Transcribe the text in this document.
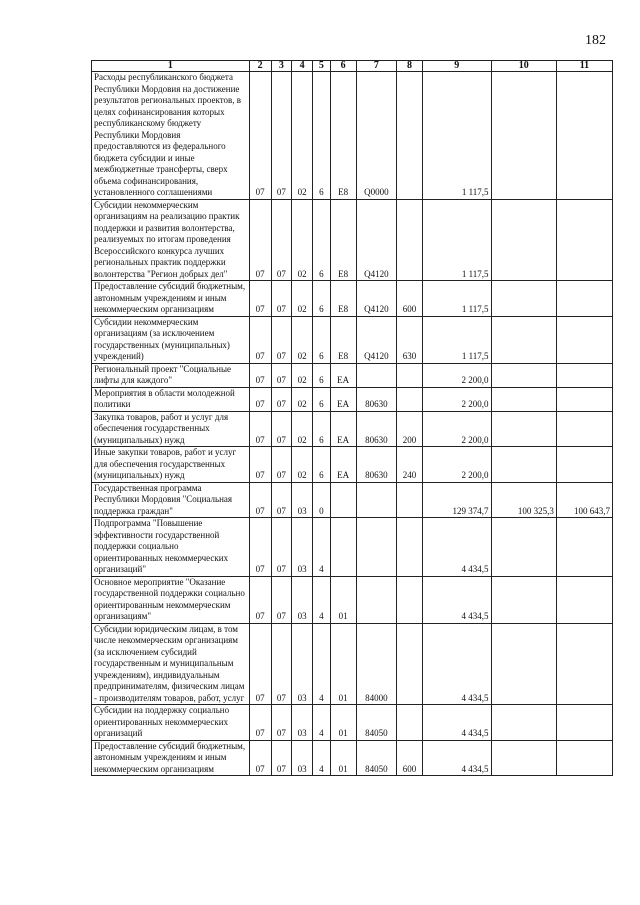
182
1	2	3	4	5	6	7	8	9	10	11
Расходы республиканского бюджета Республики Мордовия на достижение результатов региональных проектов, в целях софинансирования которых республиканскому бюджету Республики Мордовия предоставляются из федерального бюджета субсидии и иные межбюджетные трансферты, сверх объема софинансирования, установленного соглашениями	07	07	02	6	E8	Q0000		1 117,5		
Субсидии некоммерческим организациям на реализацию практик поддержки и развития волонтерства, реализуемых по итогам проведения Всероссийского конкурса лучших региональных практик поддержки волонтерства "Регион добрых дел"	07	07	02	6	E8	Q4120		1 117,5		
Предоставление субсидий бюджетным, автономным учреждениям и иным некоммерческим организациям	07	07	02	6	E8	Q4120	600	1 117,5		
Субсидии некоммерческим организациям (за исключением государственных (муниципальных) учреждений)	07	07	02	6	E8	Q4120	630	1 117,5		
Региональный проект "Социальные лифты для каждого"	07	07	02	6	EA			2 200,0		
Мероприятия в области молодежной политики	07	07	02	6	EA	80630		2 200,0		
Закупка товаров, работ и услуг для обеспечения государственных (муниципальных) нужд	07	07	02	6	EA	80630	200	2 200,0		
Иные закупки товаров, работ и услуг для обеспечения государственных (муниципальных) нужд	07	07	02	6	EA	80630	240	2 200,0		
Государственная программа Республики Мордовия "Социальная поддержка граждан"	07	07	03	0				129 374,7	100 325,3	100 643,7
Подпрограмма "Повышение эффективности государственной поддержки социально ориентированных некоммерческих организаций"	07	07	03	4				4 434,5		
Основное мероприятие "Оказание государственной поддержки социально ориентированным некоммерческим организациям"	07	07	03	4	01			4 434,5		
Субсидии юридическим лицам, в том числе некоммерческим организациям (за исключением субсидий государственным и муниципальным учреждениям), индивидуальным предпринимателям, физическим лицам - производителям товаров, работ, услуг	07	07	03	4	01	84000		4 434,5		
Субсидии на поддержку социально ориентированных некоммерческих организаций	07	07	03	4	01	84050		4 434,5		
Предоставление субсидий бюджетным, автономным учреждениям и иным некоммерческим организациям	07	07	03	4	01	84050	600	4 434,5		
